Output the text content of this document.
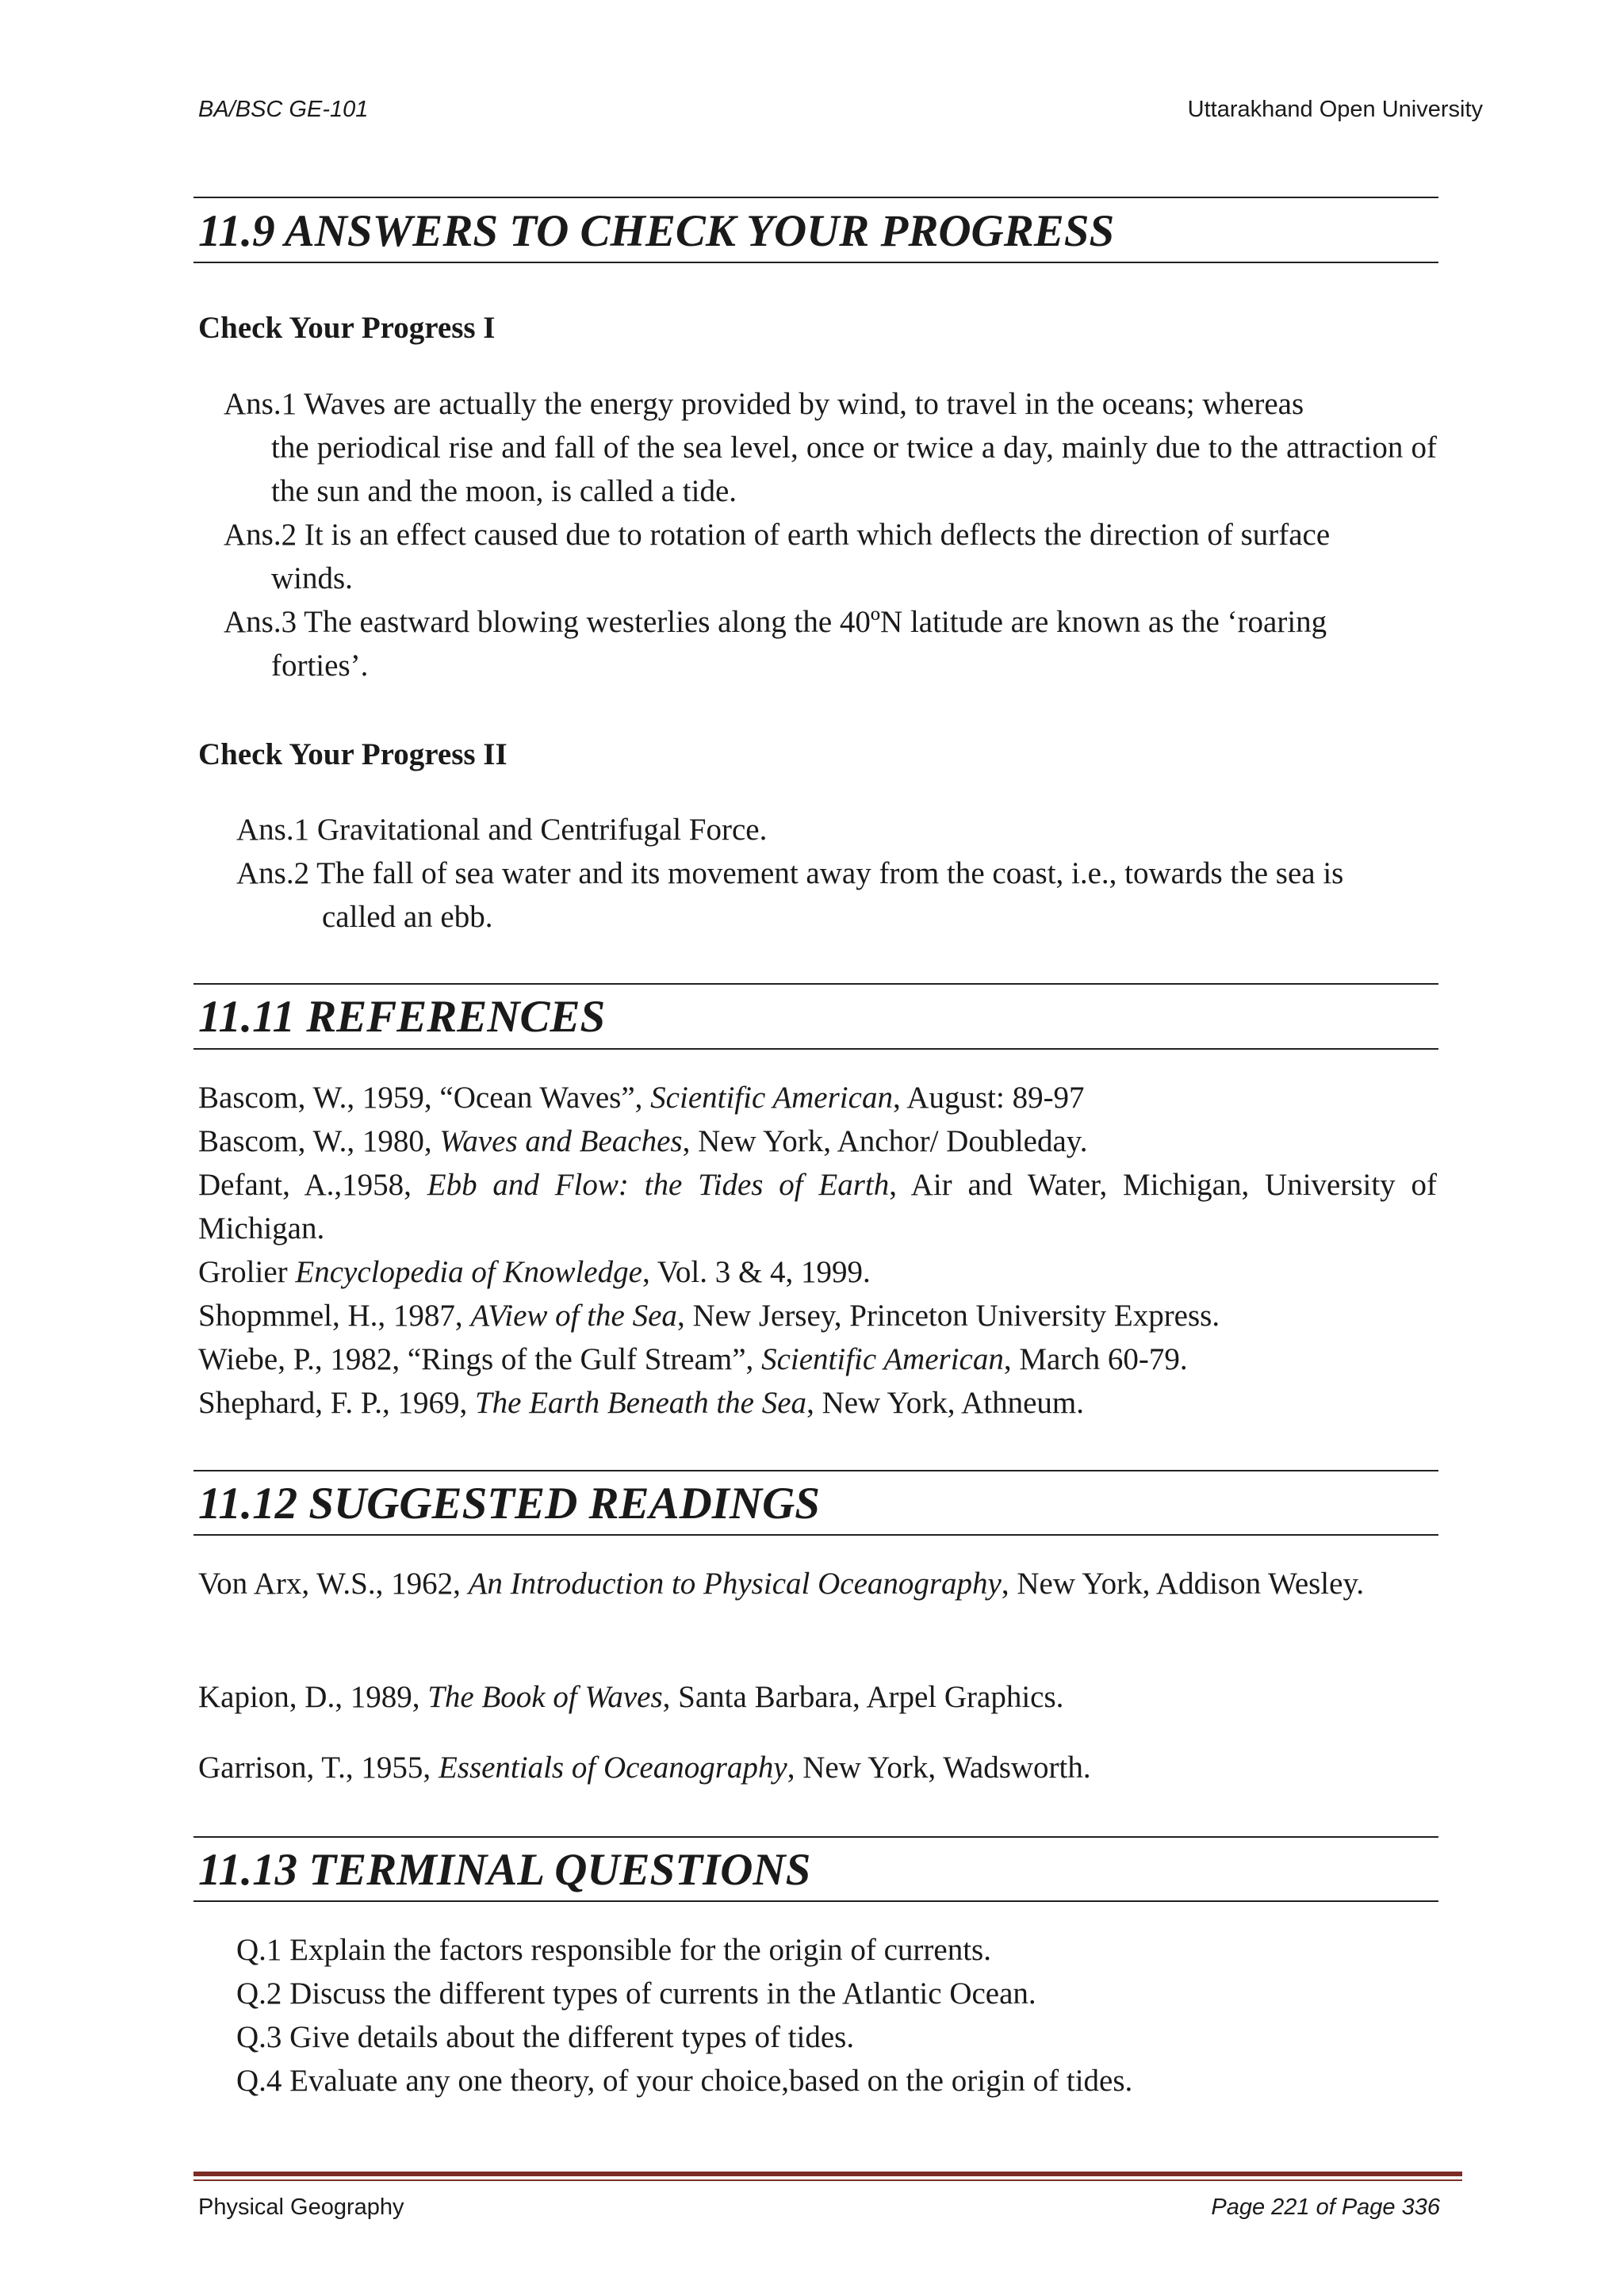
BA/BSC GE-101	Uttarakhand Open University
11.9 ANSWERS TO CHECK YOUR PROGRESS
Check Your Progress I
Ans.1 Waves are actually the energy provided by wind, to travel in the oceans; whereas
the periodical rise and fall of the sea level, once or twice a day, mainly due to the attraction of the sun and the moon, is called a tide.
Ans.2 It is an effect caused due to rotation of earth which deflects the direction of surface
winds.
Ans.3 The eastward blowing westerlies along the 40ºN latitude are known as the ‘roaring
forties’.
Check Your Progress II
Ans.1 Gravitational and Centrifugal Force.
Ans.2 The fall of sea water and its movement away from the coast, i.e., towards the sea is
called an ebb.
11.11 REFERENCES
Bascom, W., 1959, “Ocean Waves”, Scientific American, August: 89-97
Bascom, W., 1980, Waves and Beaches, New York, Anchor/ Doubleday.
Defant, A.,1958, Ebb and Flow: the Tides of Earth, Air and Water, Michigan, University of Michigan.
Grolier Encyclopedia of Knowledge, Vol. 3 & 4, 1999.
Shopmmel, H., 1987, AView of the Sea, New Jersey, Princeton University Express.
Wiebe, P., 1982, “Rings of the Gulf Stream”, Scientific American, March 60-79.
Shephard, F. P., 1969, The Earth Beneath the Sea, New York, Athneum.
11.12 SUGGESTED READINGS
Von Arx, W.S., 1962, An Introduction to Physical Oceanography, New York, Addison Wesley.
Kapion, D., 1989, The Book of Waves, Santa Barbara, Arpel Graphics.
Garrison, T., 1955, Essentials of Oceanography, New York, Wadsworth.
11.13 TERMINAL QUESTIONS
Q.1 Explain the factors responsible for the origin of currents.
Q.2 Discuss the different types of currents in the Atlantic Ocean.
Q.3 Give details about the different types of tides.
Q.4 Evaluate any one theory, of your choice,based on the origin of tides.
Physical Geography	Page 221 of Page 336
